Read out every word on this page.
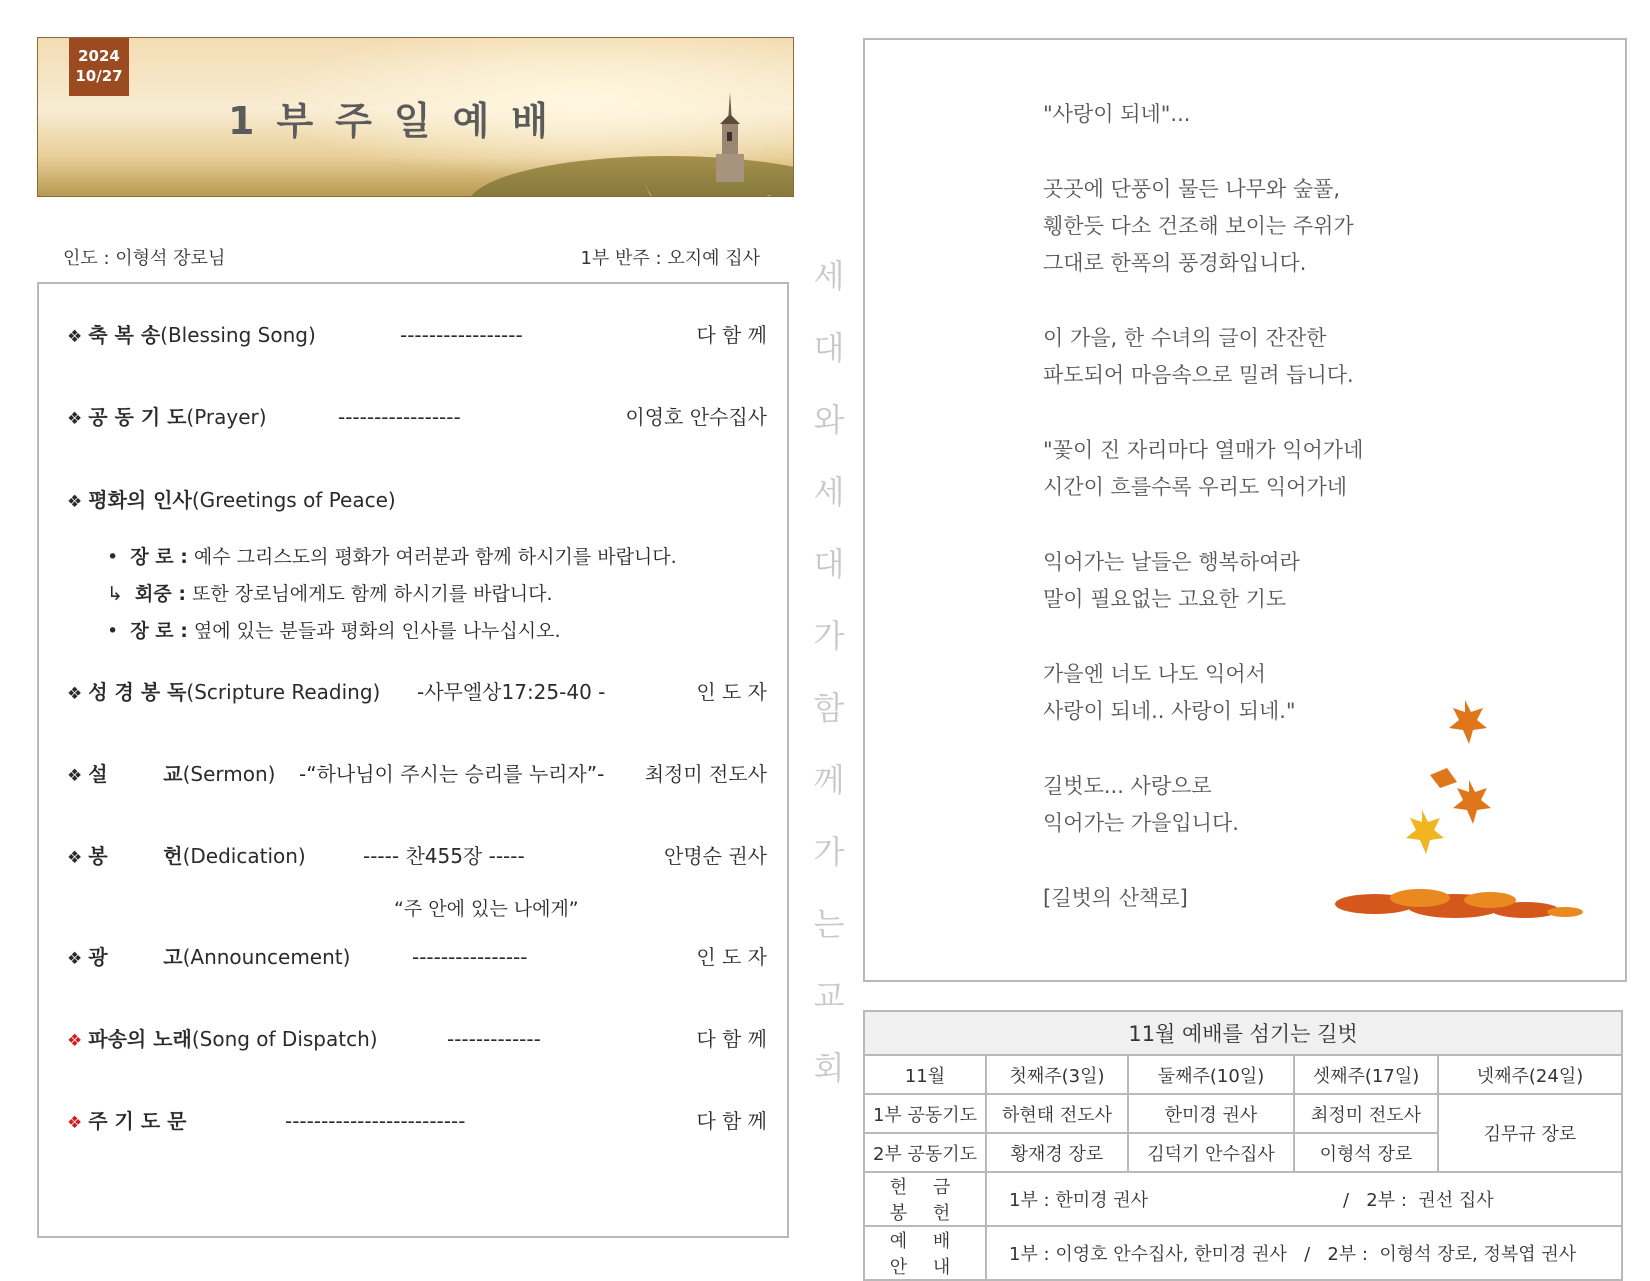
2024
10/27
1부주일예배
인도 : 이형석 장로님	1부 반주 : 오지예 집사
❖ 축 복 송(Blessing Song)	-----------------	다 함 께
❖ 공 동 기 도(Prayer)	-----------------	이영호 안수집사
❖ 평화의 인사(Greetings of Peace)
• 장 로 : 예수 그리스도의 평화가 여러분과 함께 하시기를 바랍니다.
↳ 회중 : 또한 장로님에게도 함께 하시기를 바랍니다.
• 장 로 : 옆에 있는 분들과 평화의 인사를 나누십시오.
❖ 성 경 봉 독(Scripture Reading) -사무엘상17:25-40 -	인 도 자
❖ 설        교(Sermon) -“하나님이 주시는 승리를 누리자”- 최정미 전도사
❖ 봉        헌(Dedication)	----- 찬455장 -----	안명순 권사
“주 안에 있는 나에게”
❖ 광        고(Announcement)	----------------	인 도 자
❖ 파송의 노래(Song of Dispatch)	-------------	다 함 께
❖ 주 기 도 문	-------------------------	다 함 께
세
대
와
세
대
가
함
께
가
는
교
회
"사랑이 되네"...
곳곳에 단풍이 물든 나무와 숲풀,
휑한듯 다소 건조해 보이는 주위가
그대로 한폭의 풍경화입니다.
이 가을, 한 수녀의 글이 잔잔한
파도되어 마음속으로 밀려 듭니다.
"꽃이 진 자리마다 열매가 익어가네
시간이 흐를수록 우리도 익어가네
익어가는 날들은 행복하여라
말이 필요없는 고요한 기도
가을엔 너도 나도 익어서
사랑이 되네.. 사랑이 되네."
길벗도... 사랑으로
익어가는 가을입니다.
[길벗의 산책로]
11월 예배를 섬기는 길벗				
11월	첫째주(3일)	둘째주(10일)	셋째주(17일)	넷째주(24일)
1부 공동기도	하현태 전도사	한미경 권사	최정미 전도사	김무규 장로
2부 공동기도	황재경 장로	김덕기 안수집사	이형석 장로	
헌 금 봉 헌	1부 : 한미경 권사 / 2부 :  권선 집사			
예 배 안 내	1부 : 이영호 안수집사, 한미경 권사 / 2부 :  이형석 장로, 정복엽 권사			
